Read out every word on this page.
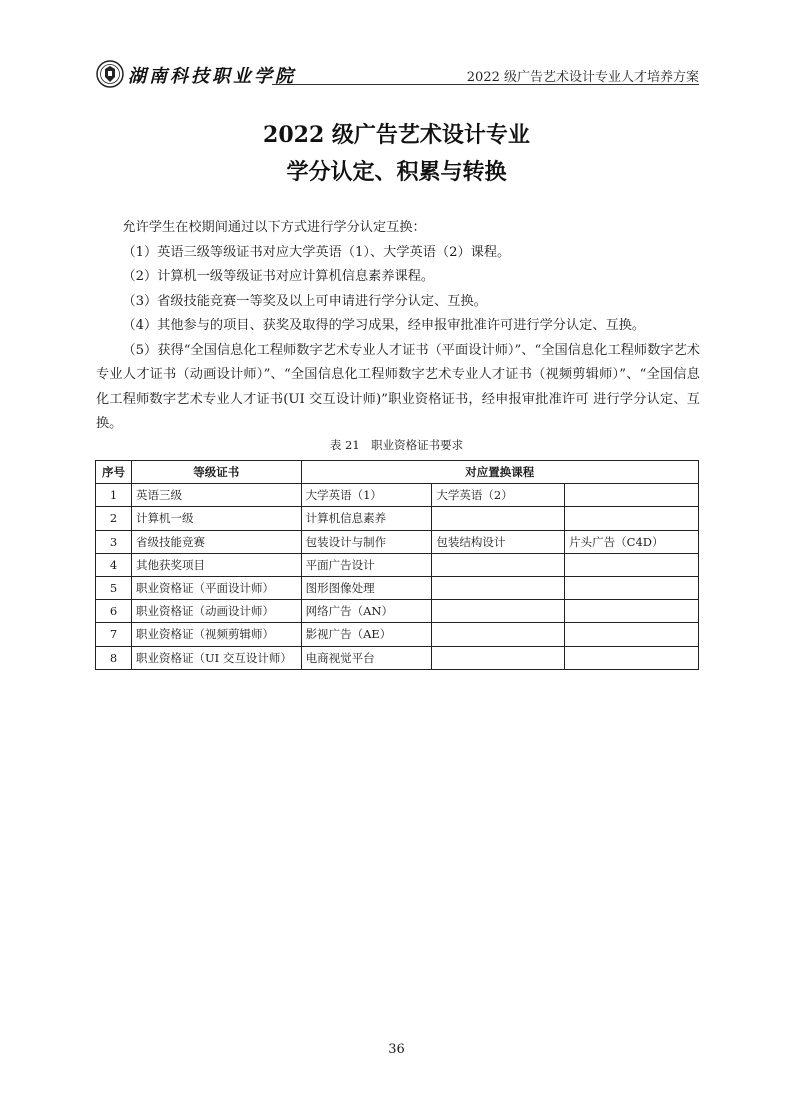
湖南科技职业学院	2022 级广告艺术设计专业人才培养方案
2022 级广告艺术设计专业
学分认定、积累与转换

允许学生在校期间通过以下方式进行学分认定互换：

（1）英语三级等级证书对应大学英语（1）、大学英语（2）课程。

（2）计算机一级等级证书对应计算机信息素养课程。

（3）省级技能竞赛一等奖及以上可申请进行学分认定、互换。

（4）其他参与的项目、获奖及取得的学习成果，经申报审批准许可进行学分认定、互换。

（5）获得“全国信息化工程师数字艺术专业人才证书（平面设计师）”、“全国信息化工程师数字艺术专业人才证书（动画设计师）”、“全国信息化工程师数字艺术专业人才证书（视频剪辑师）”、“全国信息化工程师数字艺术专业人才证书(UI 交互设计师)”职业资格证书，经申报审批准许可 进行学分认定、互换。

表 21　职业资格证书要求
序号	等级证书	对应置换课程		
1	英语三级	大学英语（1）	大学英语（2）	
2	计算机一级	计算机信息素养		
3	省级技能竞赛	包装设计与制作	包装结构设计	片头广告（C4D）
4	其他获奖项目	平面广告设计		
5	职业资格证（平面设计师）	图形图像处理		
6	职业资格证（动画设计师）	网络广告（AN）		
7	职业资格证（视频剪辑师）	影视广告（AE）		
8	职业资格证（UI 交互设计师）	电商视觉平台		
36
